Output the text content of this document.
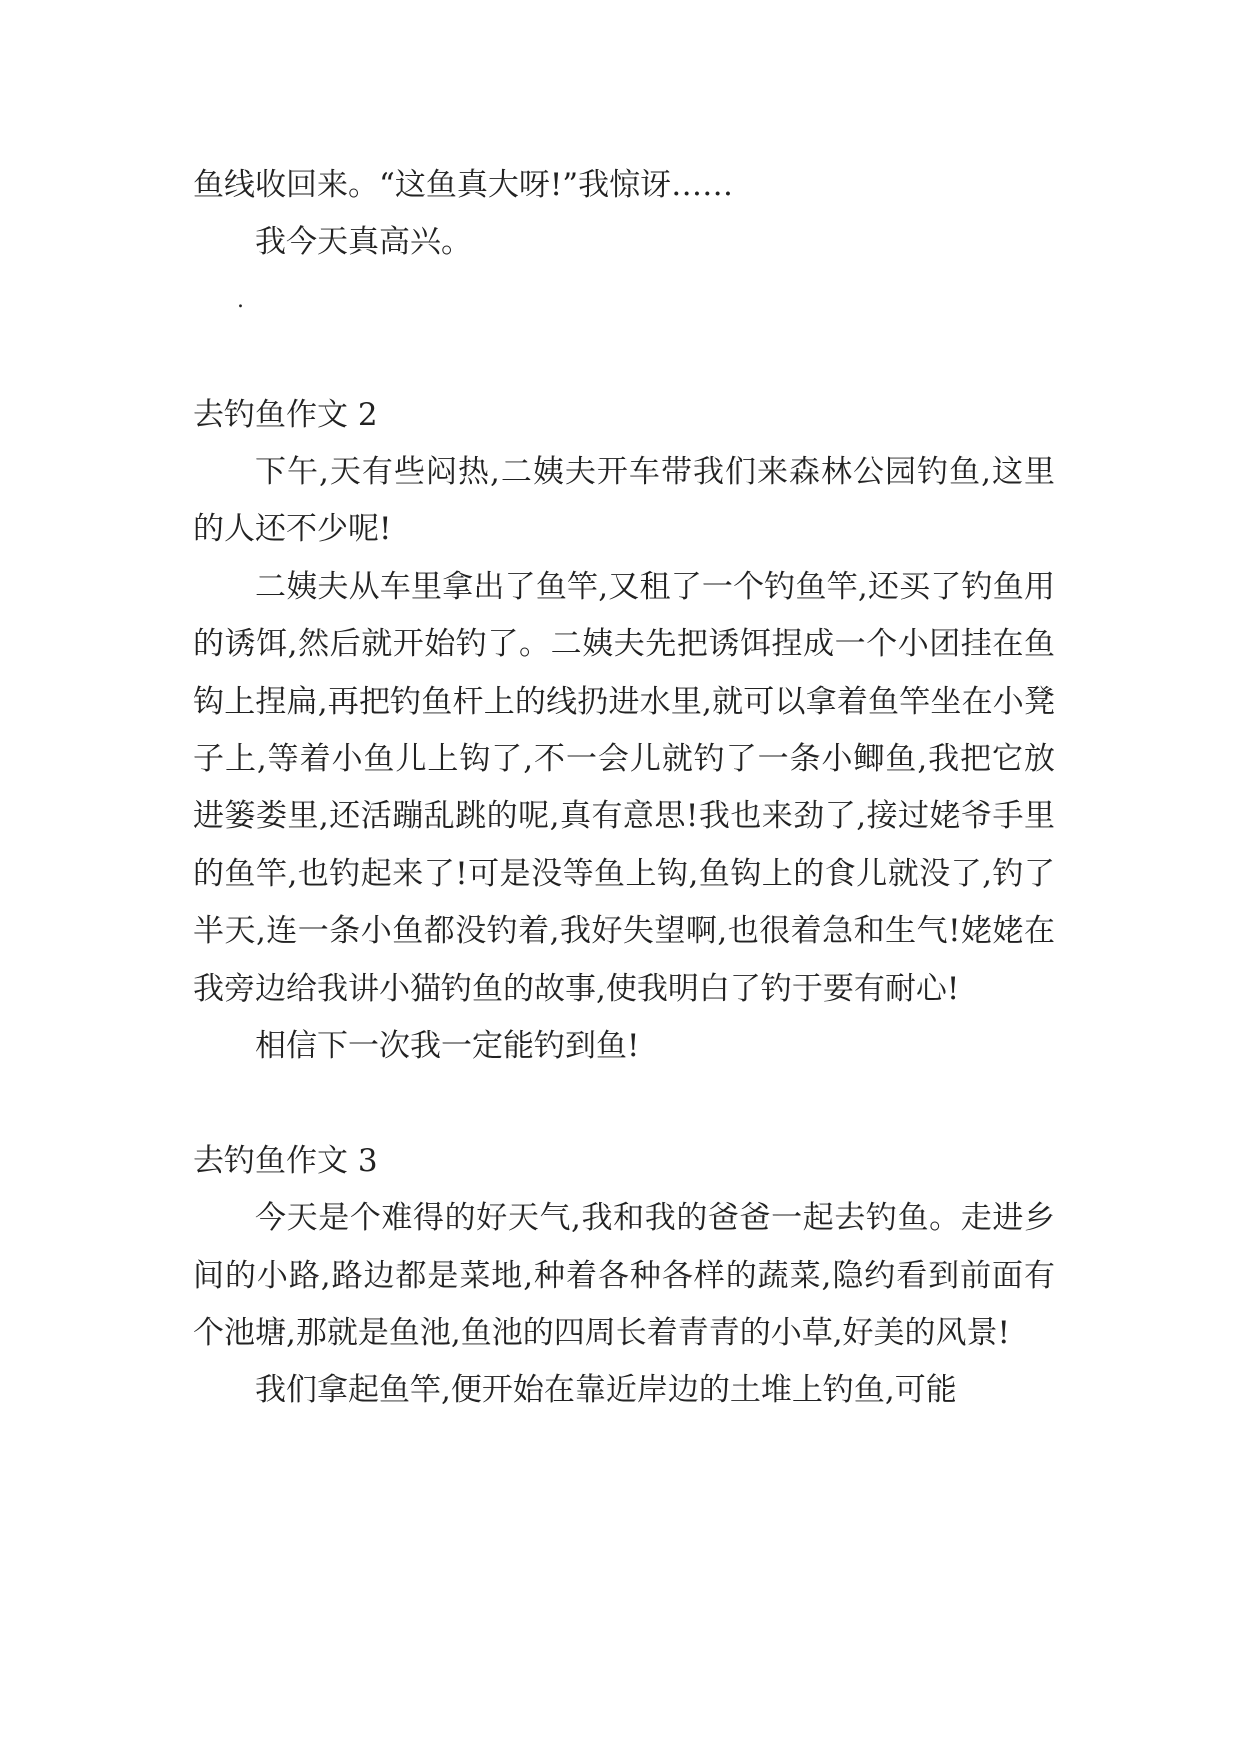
鱼线收回来。“这鱼真大呀!”我惊讶……

我今天真高兴。

.

去钓鱼作文 2

下午,天有些闷热,二姨夫开车带我们来森林公园钓鱼,这里的人还不少呢!

二姨夫从车里拿出了鱼竿,又租了一个钓鱼竿,还买了钓鱼用的诱饵,然后就开始钓了。二姨夫先把诱饵捏成一个小团挂在鱼钩上捏扁,再把钓鱼杆上的线扔进水里,就可以拿着鱼竿坐在小凳子上,等着小鱼儿上钩了,不一会儿就钓了一条小鲫鱼,我把它放进篓娄里,还活蹦乱跳的呢,真有意思!我也来劲了,接过姥爷手里的鱼竿,也钓起来了!可是没等鱼上钩,鱼钩上的食儿就没了,钓了半天,连一条小鱼都没钓着,我好失望啊,也很着急和生气!姥姥在我旁边给我讲小猫钓鱼的故事,使我明白了钓于要有耐心!

相信下一次我一定能钓到鱼!

去钓鱼作文 3

今天是个难得的好天气,我和我的爸爸一起去钓鱼。走进乡间的小路,路边都是菜地,种着各种各样的蔬菜,隐约看到前面有个池塘,那就是鱼池,鱼池的四周长着青青的小草,好美的风景!

我们拿起鱼竿,便开始在靠近岸边的土堆上钓鱼,可能
